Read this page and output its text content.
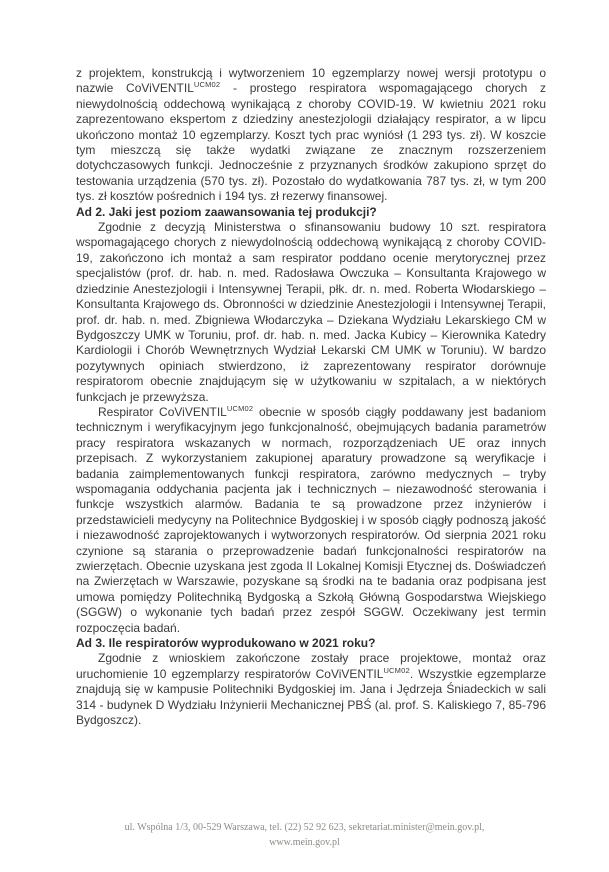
z projektem, konstrukcją i wytworzeniem 10 egzemplarzy nowej wersji prototypu o nazwie CoViVENTIL$^{UCM02}$ - prostego respiratora wspomagającego chorych z niewydolnością oddechową wynikającą z choroby COVID-19. W kwietniu 2021 roku zaprezentowano ekspertom z dziedziny anestezjologii działający respirator, a w lipcu ukończono montaż 10 egzemplarzy. Koszt tych prac wyniósł (1 293 tys. zł). W koszcie tym mieszczą się także wydatki związane ze znacznym rozszerzeniem dotychczasowych funkcji. Jednocześnie z przyznanych środków zakupiono sprzęt do testowania urządzenia (570 tys. zł). Pozostało do wydatkowania 787 tys. zł, w tym 200 tys. zł kosztów pośrednich i 194 tys. zł rezerwy finansowej.

Ad 2. Jaki jest poziom zaawansowania tej produkcji?

Zgodnie z decyzją Ministerstwa o sfinansowaniu budowy 10 szt. respiratora wspomagającego chorych z niewydolnością oddechową wynikającą z choroby COVID-19, zakończono ich montaż a sam respirator poddano ocenie merytorycznej przez specjalistów (prof. dr. hab. n. med. Radosława Owczuka – Konsultanta Krajowego w dziedzinie Anestezjologii i Intensywnej Terapii, płk. dr. n. med. Roberta Włodarskiego – Konsultanta Krajowego ds. Obronności w dziedzinie Anestezjologii i Intensywnej Terapii, prof. dr. hab. n. med. Zbigniewa Włodarczyka – Dziekana Wydziału Lekarskiego CM w Bydgoszczy UMK w Toruniu, prof. dr. hab. n. med. Jacka Kubicy – Kierownika Katedry Kardiologii i Chorób Wewnętrznych Wydział Lekarski CM UMK w Toruniu). W bardzo pozytywnych opiniach stwierdzono, iż zaprezentowany respirator dorównuje respiratorom obecnie znajdującym się w użytkowaniu w szpitalach, a w niektórych funkcjach je przewyższa.

Respirator CoViVENTIL$^{UCM02}$ obecnie w sposób ciągły poddawany jest badaniom technicznym i weryfikacyjnym jego funkcjonalność, obejmujących badania parametrów pracy respiratora wskazanych w normach, rozporządzeniach UE oraz innych przepisach. Z wykorzystaniem zakupionej aparatury prowadzone są weryfikacje i badania zaimplementowanych funkcji respiratora, zarówno medycznych – tryby wspomagania oddychania pacjenta jak i technicznych – niezawodność sterowania i funkcje wszystkich alarmów. Badania te są prowadzone przez inżynierów i przedstawicieli medycyny na Politechnice Bydgoskiej i w sposób ciągły podnoszą jakość i niezawodność zaprojektowanych i wytworzonych respiratorów. Od sierpnia 2021 roku czynione są starania o przeprowadzenie badań funkcjonalności respiratorów na zwierzętach. Obecnie uzyskana jest zgoda II Lokalnej Komisji Etycznej ds. Doświadczeń na Zwierzętach w Warszawie, pozyskane są środki na te badania oraz podpisana jest umowa pomiędzy Politechniką Bydgoską a Szkołą Główną Gospodarstwa Wiejskiego (SGGW) o wykonanie tych badań przez zespół SGGW. Oczekiwany jest termin rozpoczęcia badań.

Ad 3. Ile respiratorów wyprodukowano w 2021 roku?

Zgodnie z wnioskiem zakończone zostały prace projektowe, montaż oraz uruchomienie 10 egzemplarzy respiratorów CoViVENTIL$^{UCM02}$. Wszystkie egzemplarze znajdują się w kampusie Politechniki Bydgoskiej im. Jana i Jędrzeja Śniadeckich w sali 314 - budynek D Wydziału Inżynierii Mechanicznej PBŚ (al. prof. S. Kaliskiego 7, 85-796 Bydgoszcz).

ul. Wspólna 1/3, 00-529 Warszawa, tel. (22) 52 92 623, sekretariat.minister@mein.gov.pl,
www.mein.gov.pl
